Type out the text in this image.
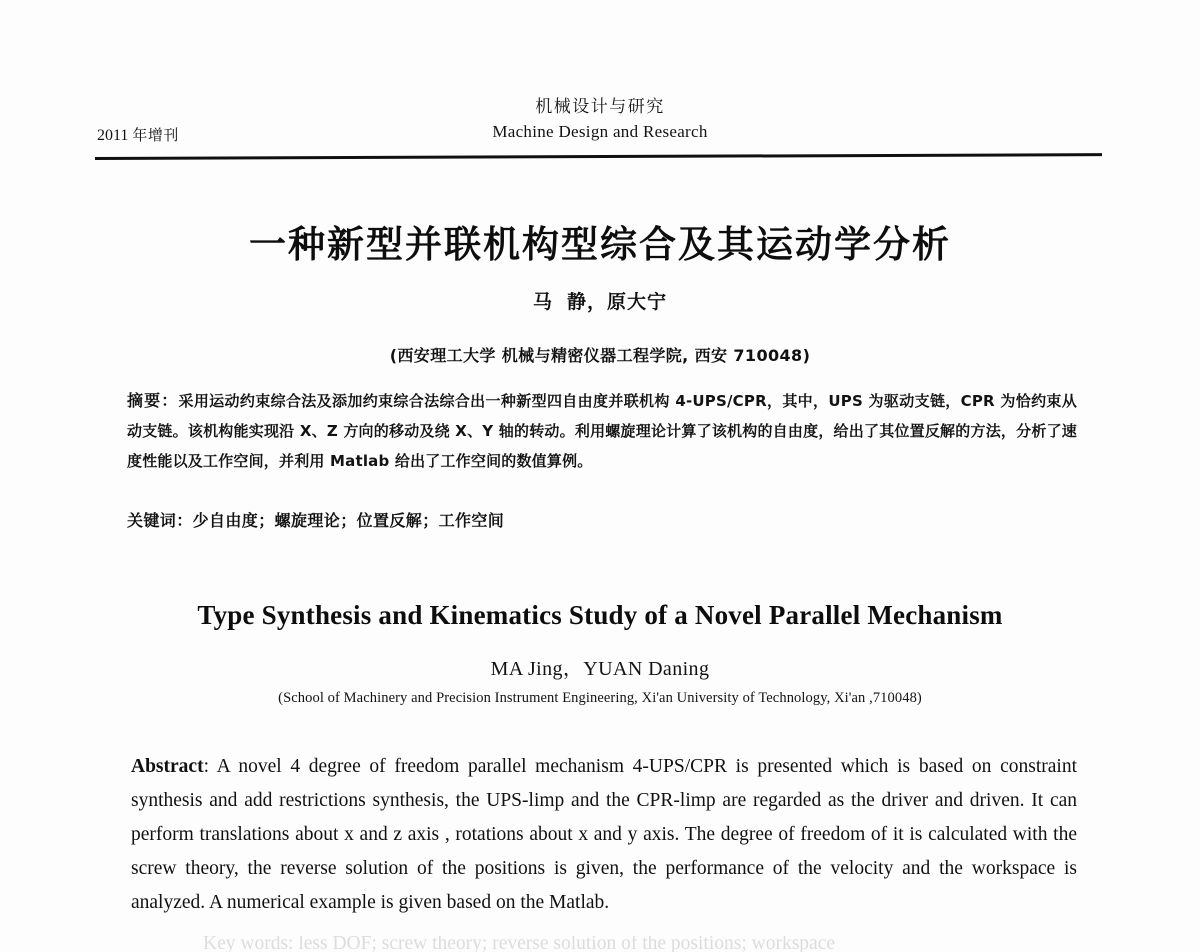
机械设计与研究
Machine Design and Research
2011 年增刊
一种新型并联机构型综合及其运动学分析
马 静，原大宁
(西安理工大学 机械与精密仪器工程学院, 西安 710048)
摘要：采用运动约束综合法及添加约束综合法综合出一种新型四自由度并联机构 4-UPS/CPR，其中，UPS 为驱动支链，CPR 为恰约束从动支链。该机构能实现沿 X、Z 方向的移动及绕 X、Y 轴的转动。利用螺旋理论计算了该机构的自由度，给出了其位置反解的方法，分析了速度性能以及工作空间，并利用 Matlab 给出了工作空间的数值算例。
关键词：少自由度；螺旋理论；位置反解；工作空间
Type Synthesis and Kinematics Study of a Novel Parallel Mechanism
MA Jing，YUAN Daning
(School of Machinery and Precision Instrument Engineering, Xi'an University of Technology, Xi'an ,710048)
Abstract: A novel 4 degree of freedom parallel mechanism 4-UPS/CPR is presented which is based on constraint synthesis and add restrictions synthesis, the UPS-limp and the CPR-limp are regarded as the driver and driven. It can perform translations about x and z axis , rotations about x and y axis. The degree of freedom of it is calculated with the screw theory, the reverse solution of the positions is given, the performance of the velocity and the workspace is analyzed. A numerical example is given based on the Matlab.
Key words: less DOF; screw theory; reverse solution of the positions; workspace
